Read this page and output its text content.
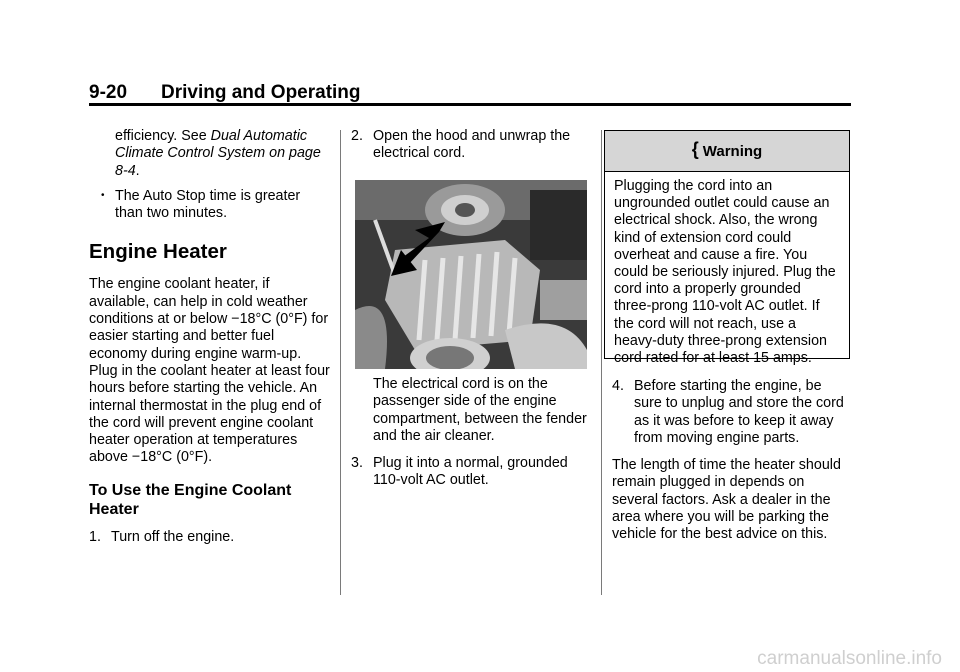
9-20 Driving and Operating

efficiency. See Dual Automatic Climate Control System on page 8-4.

• The Auto Stop time is greater than two minutes.

Engine Heater

The engine coolant heater, if available, can help in cold weather conditions at or below −18°C (0°F) for easier starting and better fuel economy during engine warm-up. Plug in the coolant heater at least four hours before starting the vehicle. An internal thermostat in the plug end of the cord will prevent engine coolant heater operation at temperatures above −18°C (0°F).

To Use the Engine Coolant Heater

1. Turn off the engine.

2. Open the hood and unwrap the electrical cord.

The electrical cord is on the passenger side of the engine compartment, between the fender and the air cleaner.

3. Plug it into a normal, grounded 110-volt AC outlet.

{ Warning
Plugging the cord into an ungrounded outlet could cause an electrical shock. Also, the wrong kind of extension cord could overheat and cause a fire. You could be seriously injured. Plug the cord into a properly grounded three-prong 110-volt AC outlet. If the cord will not reach, use a heavy-duty three-prong extension cord rated for at least 15 amps.

4. Before starting the engine, be sure to unplug and store the cord as it was before to keep it away from moving engine parts.

The length of time the heater should remain plugged in depends on several factors. Ask a dealer in the area where you will be parking the vehicle for the best advice on this.

carmanualsonline.info
